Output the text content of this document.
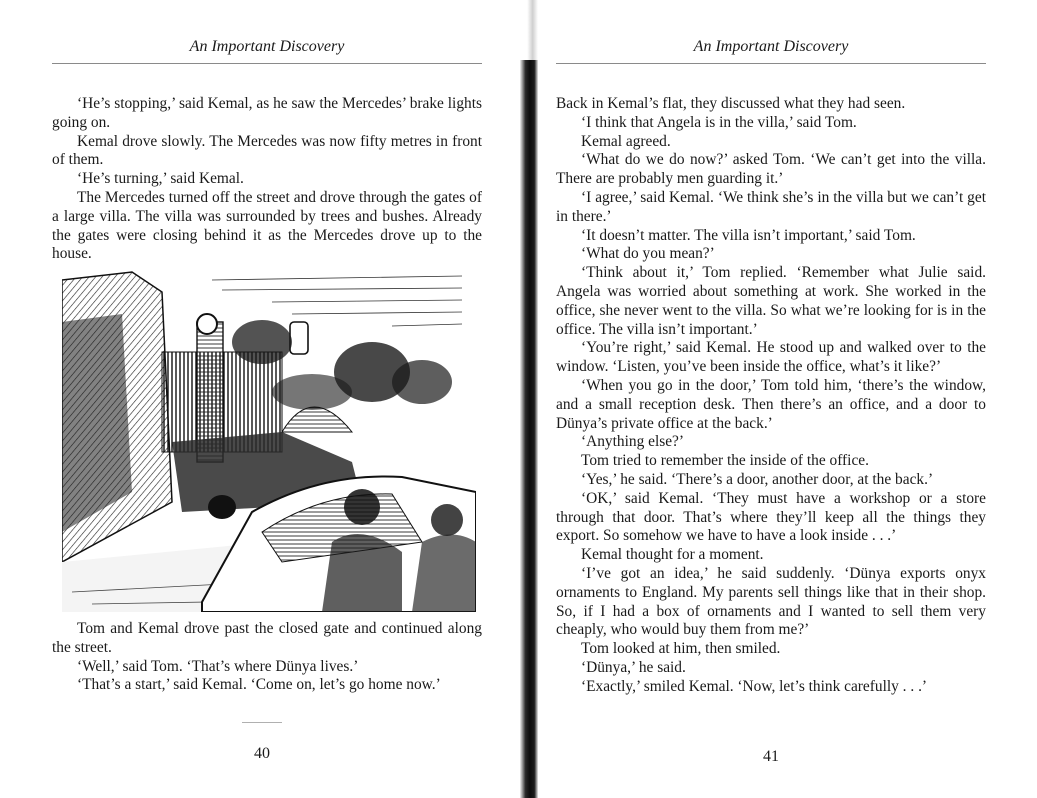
An Important Discovery

‘He’s stopping,’ said Kemal, as he saw the Mercedes’ brake lights going on.

Kemal drove slowly. The Mercedes was now fifty metres in front of them.

‘He’s turning,’ said Kemal.

The Mercedes turned off the street and drove through the gates of a large villa. The villa was surrounded by trees and bushes. Already the gates were closing behind it as the Mercedes drove up to the house.

Tom and Kemal drove past the closed gate and continued along the street.

‘Well,’ said Tom. ‘That’s where Dünya lives.’

‘That’s a start,’ said Kemal. ‘Come on, let’s go home now.’

40
An Important Discovery

Back in Kemal’s flat, they discussed what they had seen.

‘I think that Angela is in the villa,’ said Tom.

Kemal agreed.

‘What do we do now?’ asked Tom. ‘We can’t get into the villa. There are probably men guarding it.’

‘I agree,’ said Kemal. ‘We think she’s in the villa but we can’t get in there.’

‘It doesn’t matter. The villa isn’t important,’ said Tom.

‘What do you mean?’

‘Think about it,’ Tom replied. ‘Remember what Julie said. Angela was worried about something at work. She worked in the office, she never went to the villa. So what we’re looking for is in the office. The villa isn’t important.’

‘You’re right,’ said Kemal. He stood up and walked over to the window. ‘Listen, you’ve been inside the office, what’s it like?’

‘When you go in the door,’ Tom told him, ‘there’s the window, and a small reception desk. Then there’s an office, and a door to Dünya’s private office at the back.’

‘Anything else?’

Tom tried to remember the inside of the office.

‘Yes,’ he said. ‘There’s a door, another door, at the back.’

‘OK,’ said Kemal. ‘They must have a workshop or a store through that door. That’s where they’ll keep all the things they export. So somehow we have to have a look inside . . .’

Kemal thought for a moment.

‘I’ve got an idea,’ he said suddenly. ‘Dünya exports onyx ornaments to England. My parents sell things like that in their shop. So, if I had a box of ornaments and I wanted to sell them very cheaply, who would buy them from me?’

Tom looked at him, then smiled.

‘Dünya,’ he said.

‘Exactly,’ smiled Kemal. ‘Now, let’s think carefully . . .’

41
